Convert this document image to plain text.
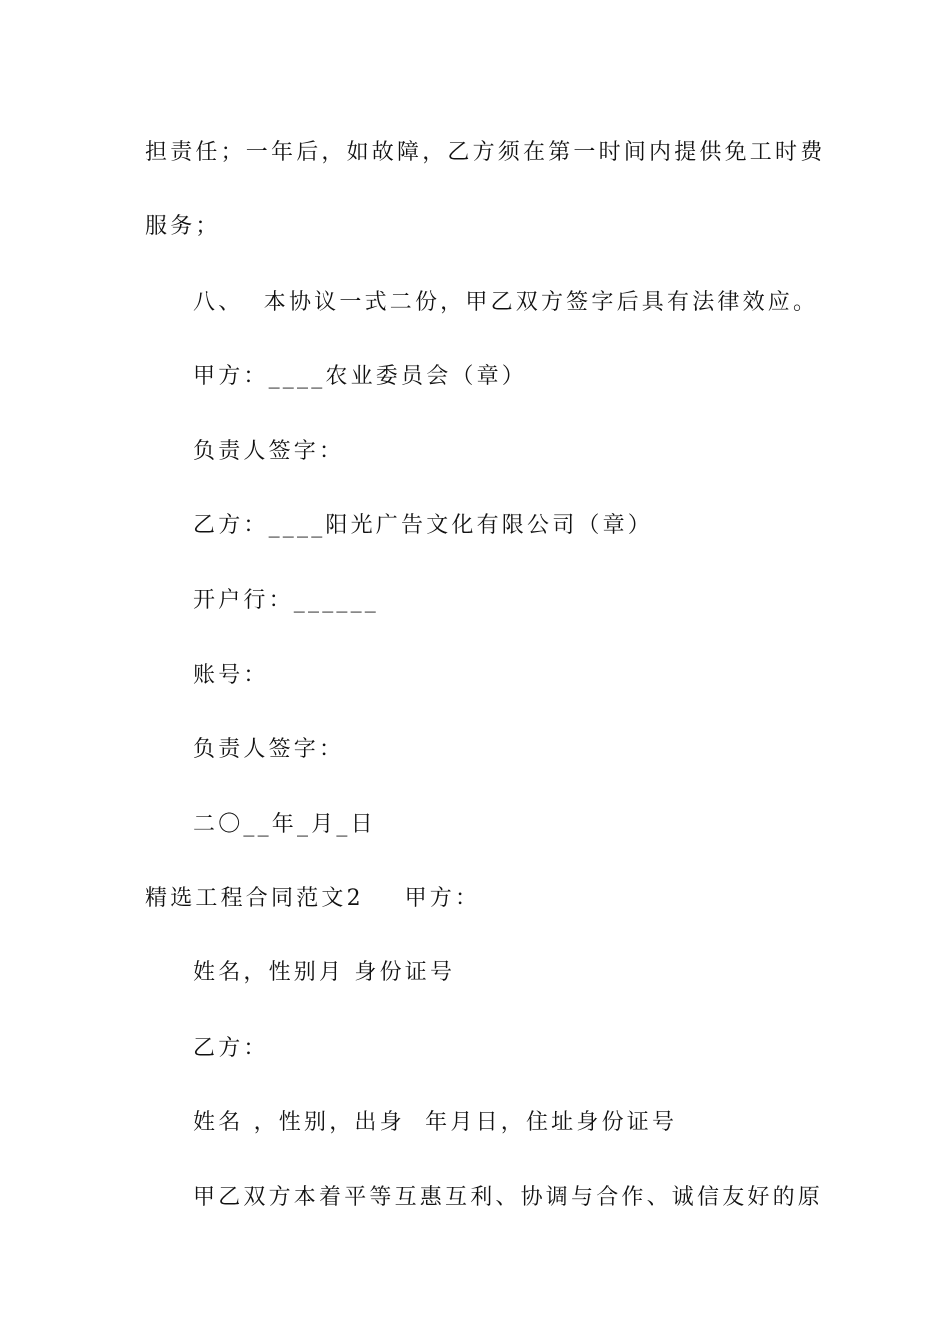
担责任；一年后，如故障，乙方须在第一时间内提供免工时费
服务；
八、  本协议一式二份，甲乙双方签字后具有法律效应。
甲方：____农业委员会（章）
负责人签字：
乙方：____阳光广告文化有限公司（章）
开户行：______
账号：
负责人签字：
二〇__年_月_日
精选工程合同范文2    甲方：
姓名，性别月 身份证号
乙方：
姓名 ，性别，出身  年月日，住址身份证号
甲乙双方本着平等互惠互利、协调与合作、诚信友好的原
